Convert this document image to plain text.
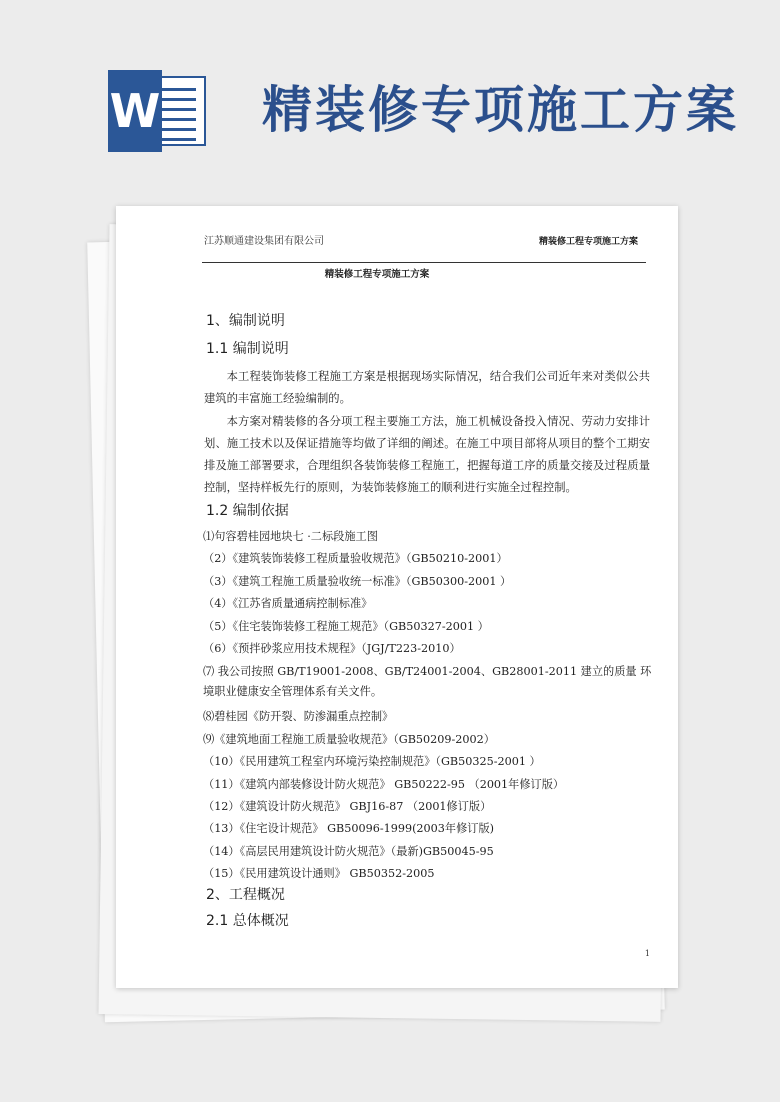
W 精装修专项施工方案
江苏顺通建设集团有限公司	精装修工程专项施工方案
精装修工程专项施工方案
1、编制说明
1.1 编制说明
本工程装饰装修工程施工方案是根据现场实际情况，结合我们公司近年来对类似公共建筑的丰富施工经验编制的。
本方案对精装修的各分项工程主要施工方法，施工机械设备投入情况、劳动力安排计划、施工技术以及保证措施等均做了详细的阐述。在施工中项目部将从项目的整个工期安排及施工部署要求，合理组织各装饰装修工程施工，把握每道工序的质量交接及过程质量控制，坚持样板先行的原则，为装饰装修施工的顺利进行实施全过程控制。
1.2 编制依据
⑴句容碧桂园地块七 ·二标段施工图
（2）《建筑装饰装修工程质量验收规范》（GB50210-2001）
（3）《建筑工程施工质量验收统一标准》（GB50300-2001 ）
（4）《江苏省质量通病控制标准》
（5）《住宅装饰装修工程施工规范》（GB50327-2001 ）
（6）《预拌砂浆应用技术规程》（JGJ/T223-2010）
⑺ 我公司按照 GB/T19001-2008、GB/T24001-2004、GB28001-2011 建立的质量 环境职业健康安全管理体系有关文件。
⑻碧桂园《防开裂、防渗漏重点控制》
⑼《建筑地面工程施工质量验收规范》（GB50209-2002）
（10）《民用建筑工程室内环境污染控制规范》（GB50325-2001 ）
（11）《建筑内部装修设计防火规范》 GB50222-95 （2001年修订版）
（12）《建筑设计防火规范》 GBJ16-87 （2001修订版）
（13）《住宅设计规范》 GB50096-1999(2003年修订版)
（14）《高层民用建筑设计防火规范》（最新)GB50045-95
（15）《民用建筑设计通则》 GB50352-2005
2、工程概况
2.1 总体概况
1
